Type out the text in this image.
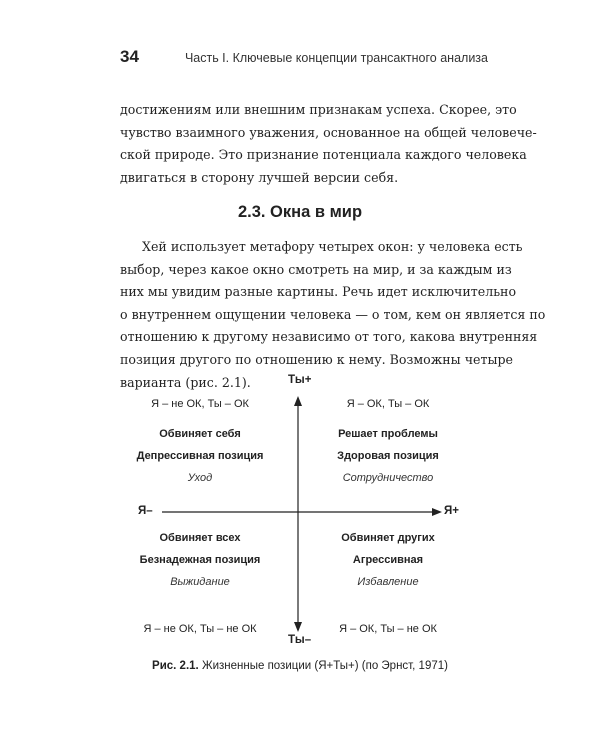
34	Часть I. Ключевые концепции трансактного анализа
достижениям или внешним признакам успеха. Скорее, это
чувство взаимного уважения, основанное на общей человече-
ской природе. Это признание потенциала каждого человека
двигаться в сторону лучшей версии себя.
2.3. Окна в мир
Хей использует метафору четырех окон: у человека есть
выбор, через какое окно смотреть на мир, и за каждым из
них мы увидим разные картины. Речь идет исключительно
о внутреннем ощущении человека — о том, кем он является по
отношению к другому независимо от того, какова внутренняя
позиция другого по отношению к нему. Возможны четыре
варианта (рис. 2.1).	Ты+
Ты–
Я–	Я+
Я – не ОК, Ты – ОК
Обвиняет себя
Депрессивная позиция
Уход
Я – ОК, Ты – ОК
Решает проблемы
Здоровая позиция
Сотрудничество
Обвиняет всех
Безнадежная позиция
Выжидание
Я – не ОК, Ты – не ОК
Обвиняет других
Агрессивная
Избавление
Я – ОК, Ты – не ОК
Рис. 2.1. Жизненные позиции (Я+Ты+) (по Эрнст, 1971)
